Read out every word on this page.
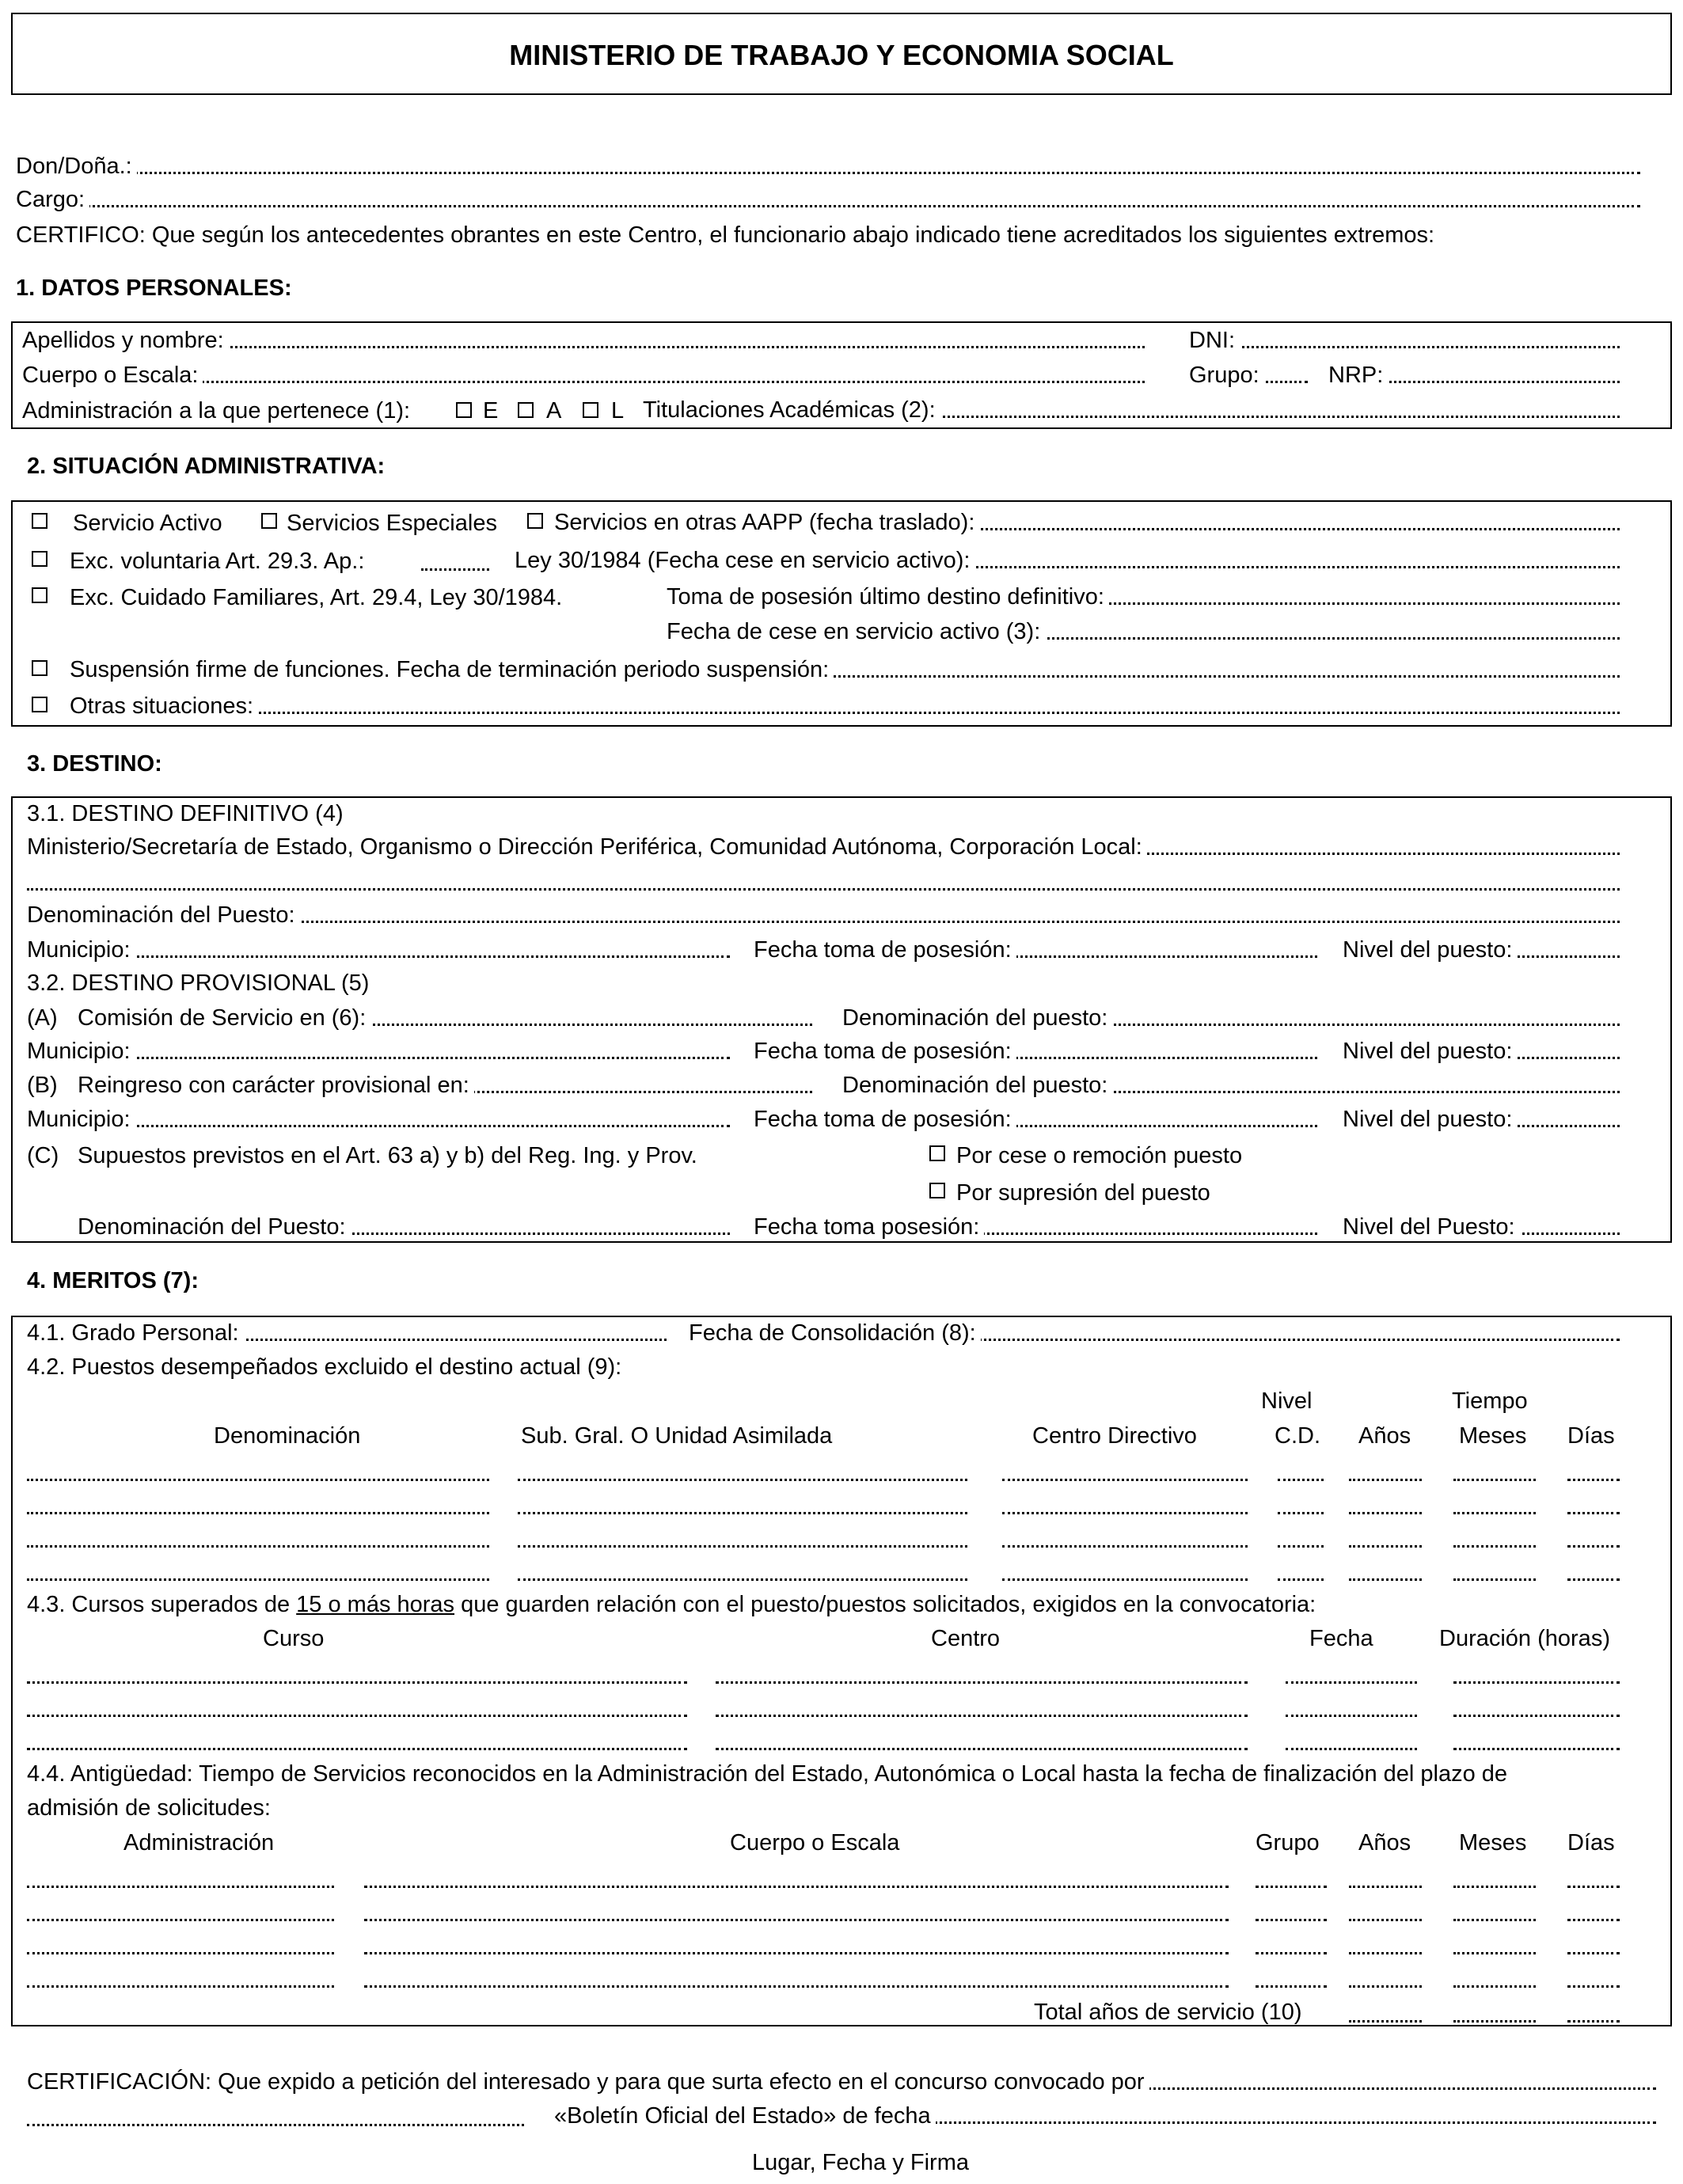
MINISTERIO DE TRABAJO Y ECONOMIA SOCIAL
Don/Doña.:
Cargo:
CERTIFICO: Que según los antecedentes obrantes en este Centro, el funcionario abajo indicado tiene acreditados los siguientes extremos:
1. DATOS PERSONALES:
Apellidos y nombre:	DNI:
Cuerpo o Escala:	Grupo:	NRP:
Administración a la que pertenece (1):	E A L Titulaciones Académicas (2):
2. SITUACIÓN ADMINISTRATIVA:
Servicio Activo	Servicios Especiales Servicios en otras AAPP (fecha traslado):
Exc. voluntaria Art. 29.3. Ap.:	Ley 30/1984 (Fecha cese en servicio activo):
Exc. Cuidado Familiares, Art. 29.4, Ley 30/1984.	Toma de posesión último destino definitivo:
Fecha de cese en servicio activo (3):
Suspensión firme de funciones. Fecha de terminación periodo suspensión:
Otras situaciones:
3. DESTINO:
3.1. DESTINO DEFINITIVO (4)
Ministerio/Secretaría de Estado, Organismo o Dirección Periférica, Comunidad Autónoma, Corporación Local:
Denominación del Puesto:
Municipio:	Fecha toma de posesión:	Nivel del puesto:
3.2. DESTINO PROVISIONAL (5)
(A) Comisión de Servicio en (6):	Denominación del puesto:
Municipio:	Fecha toma de posesión:	Nivel del puesto:
(B) Reingreso con carácter provisional en:	Denominación del puesto:
Municipio:	Fecha toma de posesión:	Nivel del puesto:
(C) Supuestos previstos en el Art. 63 a) y b) del Reg. Ing. y Prov.	Por cese o remoción puesto
Por supresión del puesto
Denominación del Puesto:	Fecha toma posesión:	Nivel del Puesto:
4. MERITOS (7):
4.1. Grado Personal:	Fecha de Consolidación (8):
4.2. Puestos desempeñados excluido el destino actual (9):
Nivel	Tiempo
Denominación	Sub. Gral. O Unidad Asimilada	Centro Directivo	C.D. Años Meses Días
4.3. Cursos superados de 15 o más horas que guarden relación con el puesto/puestos solicitados, exigidos en la convocatoria:
Curso	Centro	Fecha	Duración (horas)
4.4. Antigüedad: Tiempo de Servicios reconocidos en la Administración del Estado, Autonómica o Local hasta la fecha de finalización del plazo de
admisión de solicitudes:
Administración	Cuerpo o Escala	Grupo Años Meses Días
Total años de servicio (10)
CERTIFICACIÓN: Que expido a petición del interesado y para que surta efecto en el concurso convocado por
«Boletín Oficial del Estado» de fecha
Lugar, Fecha y Firma
